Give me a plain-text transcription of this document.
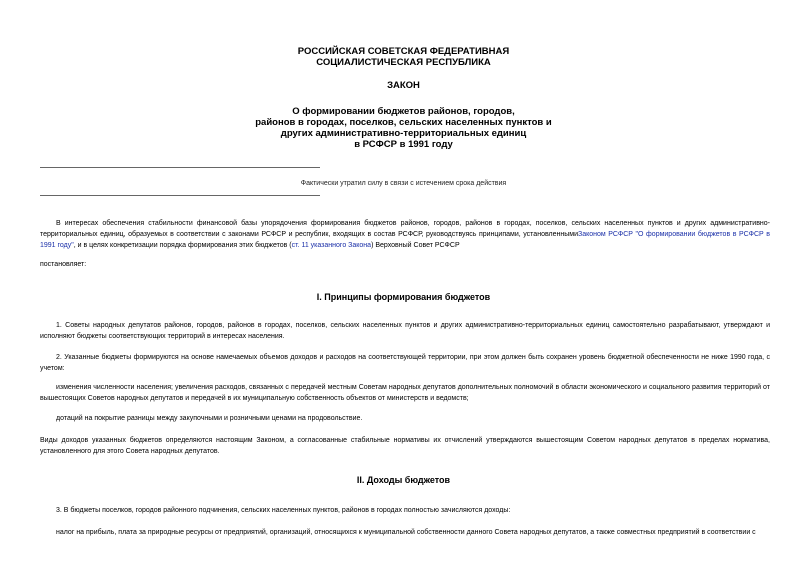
РОССИЙСКАЯ СОВЕТСКАЯ ФЕДЕРАТИВНАЯ
СОЦИАЛИСТИЧЕСКАЯ РЕСПУБЛИКА
ЗАКОН
О формировании бюджетов районов, городов,
районов в городах, поселков, сельских населенных пунктов и
других административно-территориальных единиц
в РСФСР в 1991 году
Фактически утратил силу в связи с истечением срока действия
В интересах обеспечения стабильности финансовой базы упорядочения формирования бюджетов районов, городов, районов в городах, поселков, сельских населенных пунктов и других административно-территориальных единиц, образуемых в соответствии с законами РСФСР и республик, входящих в состав РСФСР, руководствуясь принципами, установленнымиЗаконом РСФСР "О формировании бюджетов в РСФСР в 1991 году", и в целях конкретизации порядка формирования этих бюджетов (ст. 11 указанного Закона) Верховный Совет РСФСР
постановляет:
I. Принципы формирования бюджетов
1. Советы народных депутатов районов, городов, районов в городах, поселков, сельских населенных пунктов и других административно-территориальных единиц самостоятельно разрабатывают, утверждают и исполняют бюджеты соответствующих территорий в интересах населения.
2. Указанные бюджеты формируются на основе намечаемых объемов доходов и расходов на соответствующей территории, при этом должен быть сохранен уровень бюджетной обеспеченности не ниже 1990 года, с учетом:
изменения численности населения; увеличения расходов, связанных с передачей местным Советам народных депутатов дополнительных полномочий в области экономического и социального развития территорий от вышестоящих Советов народных депутатов и передачей в их муниципальную собственность объектов от министерств и ведомств;
дотаций на покрытие разницы между закупочными и розничными ценами на продовольствие.
Виды доходов указанных бюджетов определяются настоящим Законом, а согласованные стабильные нормативы их отчислений утверждаются вышестоящим Советом народных депутатов в пределах норматива, установленного для этого Совета народных депутатов.
II. Доходы бюджетов
3. В бюджеты поселков, городов районного подчинения, сельских населенных пунктов, районов в городах полностью зачисляются доходы:
налог на прибыль, плата за природные ресурсы от предприятий, организаций, относящихся к муниципальной собственности данного Совета народных депутатов, а также совместных предприятий в соответствии с
